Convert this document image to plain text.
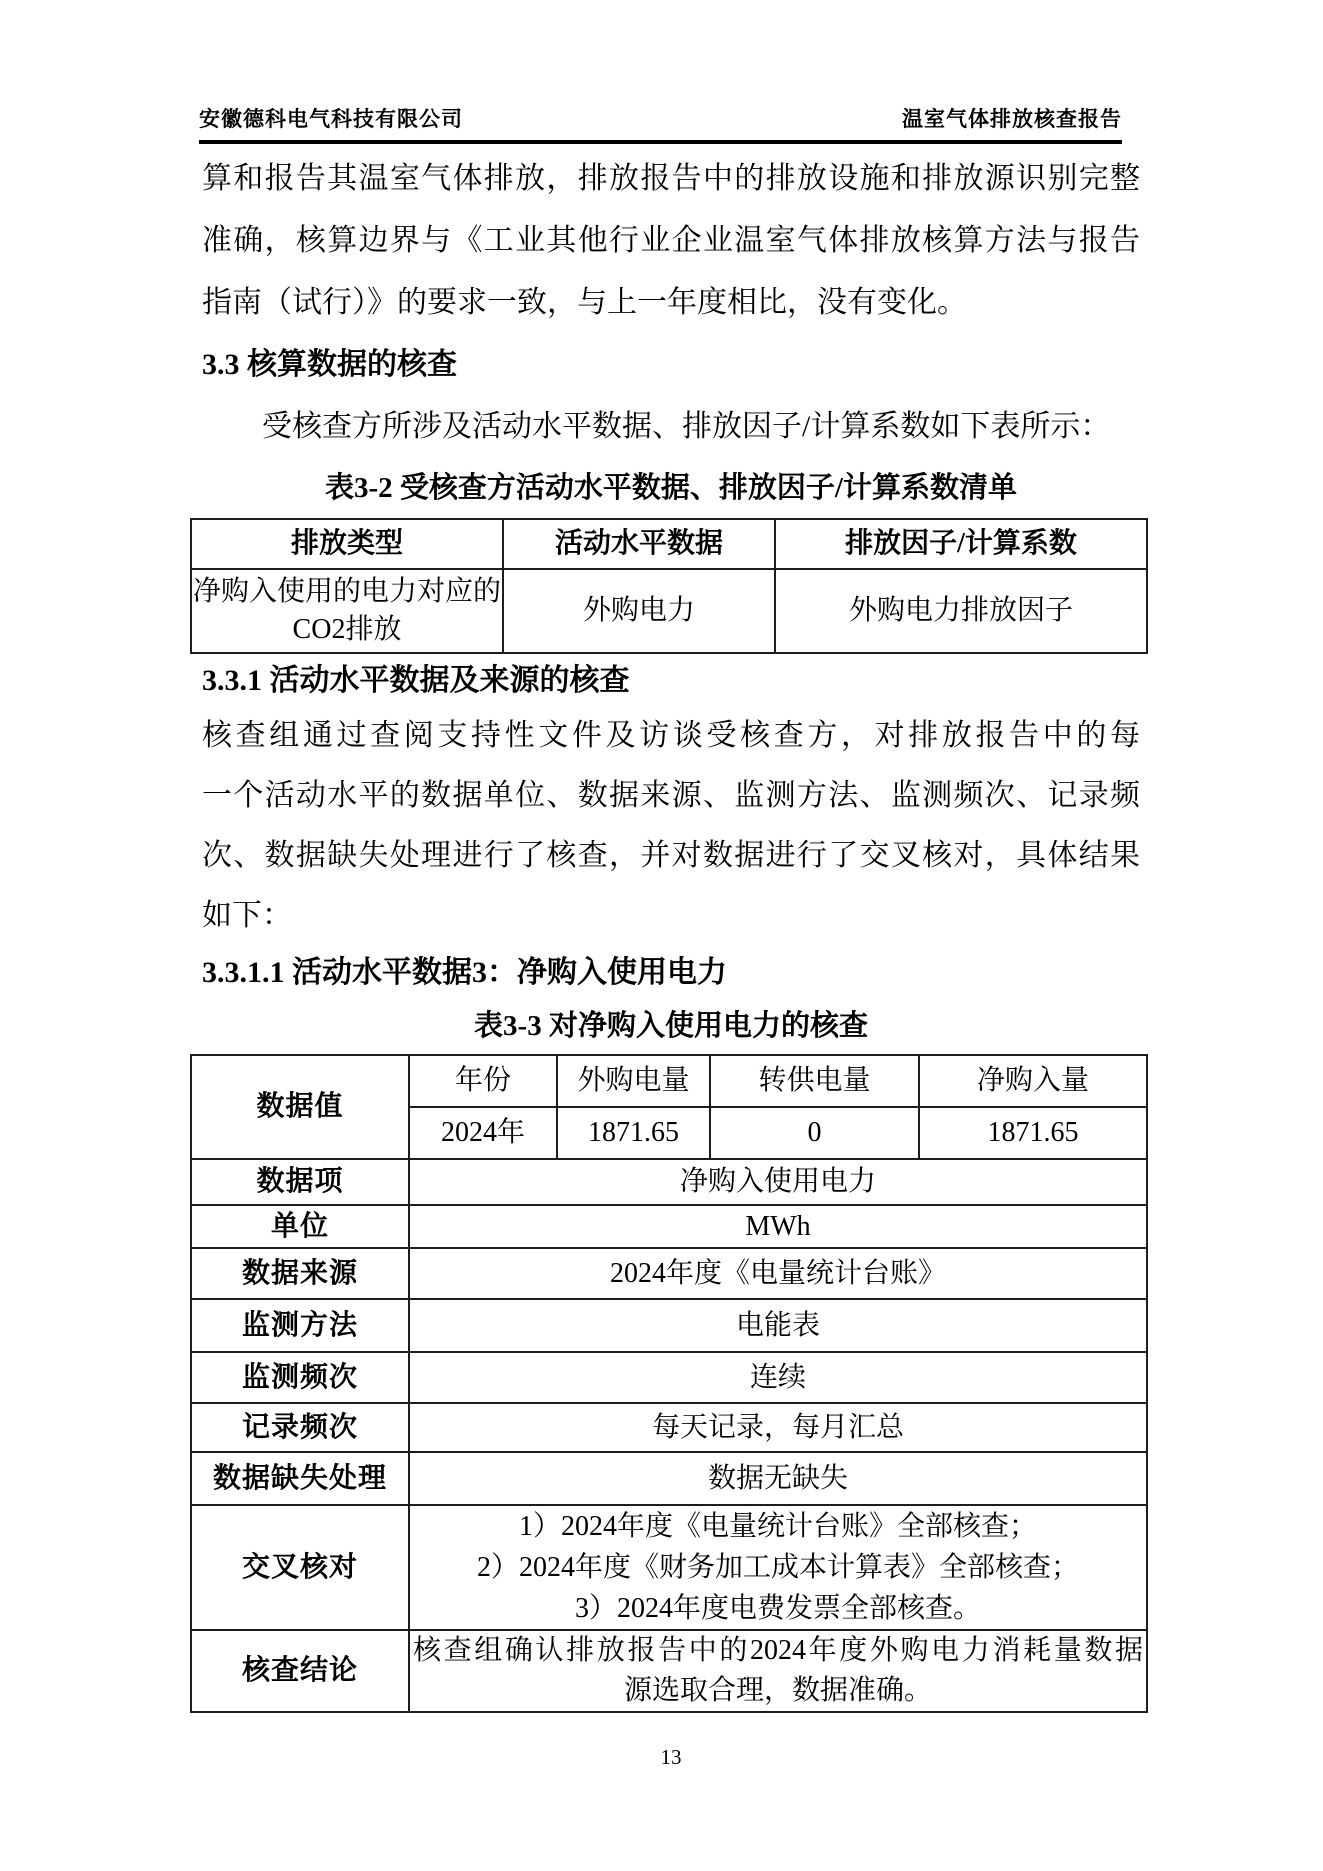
安徽德科电气科技有限公司	温室气体排放核查报告
算和报告其温室气体排放，排放报告中的排放设施和排放源识别完整
准确，核算边界与《工业其他行业企业温室气体排放核算方法与报告
指南（试行）》的要求一致，与上一年度相比，没有变化。
3.3 核算数据的核查
受核查方所涉及活动水平数据、排放因子/计算系数如下表所示：
表3-2 受核查方活动水平数据、排放因子/计算系数清单
排放类型	活动水平数据	排放因子/计算系数
净购入使用的电力对应的CO2排放	外购电力	外购电力排放因子
3.3.1 活动水平数据及来源的核查
核查组通过查阅支持性文件及访谈受核查方，对排放报告中的每
一个活动水平的数据单位、数据来源、监测方法、监测频次、记录频
次、数据缺失处理进行了核查，并对数据进行了交叉核对，具体结果
如下：
3.3.1.1 活动水平数据3：净购入使用电力
表3-3 对净购入使用电力的核查
数据值	年份	外购电量	转供电量	净购入量
	2024年	1871.65	0	1871.65
数据项	净购入使用电力			
单位	MWh			
数据来源	2024年度《电量统计台账》			
监测方法	电能表			
监测频次	连续			
记录频次	每天记录，每月汇总			
数据缺失处理	数据无缺失			
交叉核对	1）2024年度《电量统计台账》全部核查；
2）2024年度《财务加工成本计算表》全部核查；
3）2024年度电费发票全部核查。			

核查结论	核查组确认排放报告中的2024年度外购电力消耗量数据
源选取合理，数据准确。			
13
